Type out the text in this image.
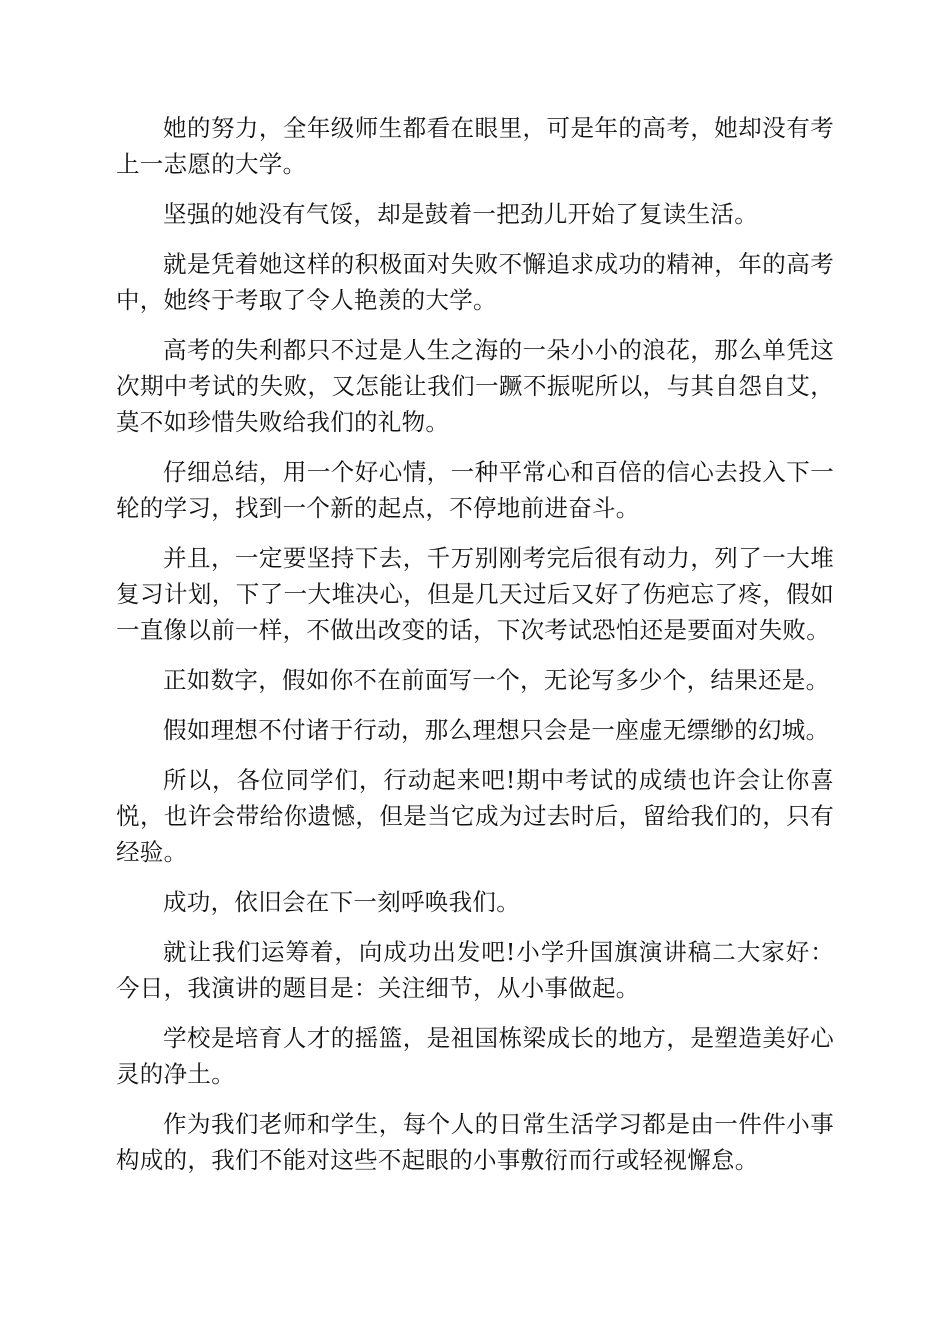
她的努力，全年级师生都看在眼里，可是年的高考，她却没有考上一志愿的大学。

坚强的她没有气馁，却是鼓着一把劲儿开始了复读生活。

就是凭着她这样的积极面对失败不懈追求成功的精神，年的高考中，她终于考取了令人艳羡的大学。

高考的失利都只不过是人生之海的一朵小小的浪花，那么单凭这次期中考试的失败，又怎能让我们一蹶不振呢所以，与其自怨自艾，莫不如珍惜失败给我们的礼物。

仔细总结，用一个好心情，一种平常心和百倍的信心去投入下一轮的学习，找到一个新的起点，不停地前进奋斗。

并且，一定要坚持下去，千万别刚考完后很有动力，列了一大堆复习计划，下了一大堆决心，但是几天过后又好了伤疤忘了疼，假如一直像以前一样，不做出改变的话，下次考试恐怕还是要面对失败。

正如数字，假如你不在前面写一个，无论写多少个，结果还是。

假如理想不付诸于行动，那么理想只会是一座虚无缥缈的幻城。

所以，各位同学们，行动起来吧!期中考试的成绩也许会让你喜悦，也许会带给你遗憾，但是当它成为过去时后，留给我们的，只有经验。

成功，依旧会在下一刻呼唤我们。

就让我们运筹着，向成功出发吧!小学升国旗演讲稿二大家好：今日，我演讲的题目是：关注细节，从小事做起。

学校是培育人才的摇篮，是祖国栋梁成长的地方，是塑造美好心灵的净土。

作为我们老师和学生，每个人的日常生活学习都是由一件件小事构成的，我们不能对这些不起眼的小事敷衍而行或轻视懈怠。
